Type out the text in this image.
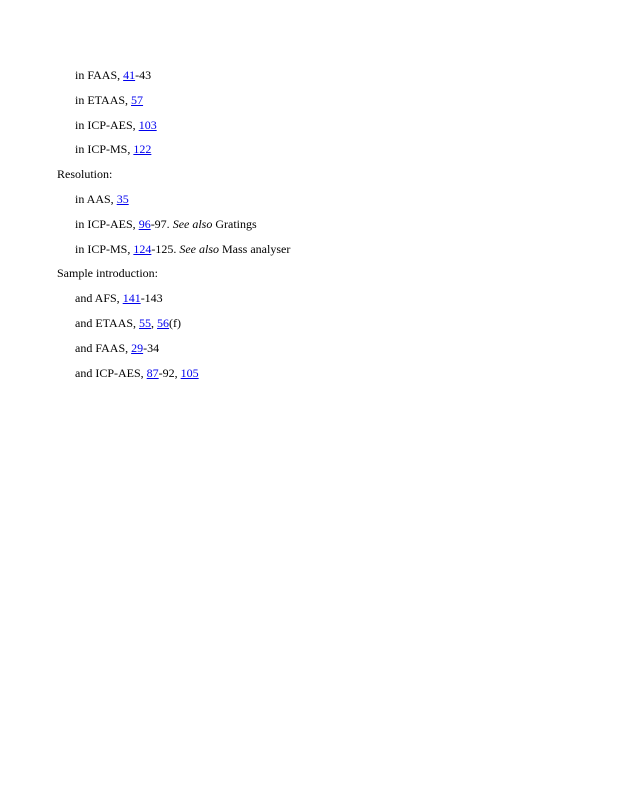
in FAAS, 41-43
in ETAAS, 57
in ICP-AES, 103
in ICP-MS, 122
Resolution:
in AAS, 35
in ICP-AES, 96-97. See also Gratings
in ICP-MS, 124-125. See also Mass analyser
Sample introduction:
and AFS, 141-143
and ETAAS, 55, 56(f)
and FAAS, 29-34
and ICP-AES, 87-92, 105
